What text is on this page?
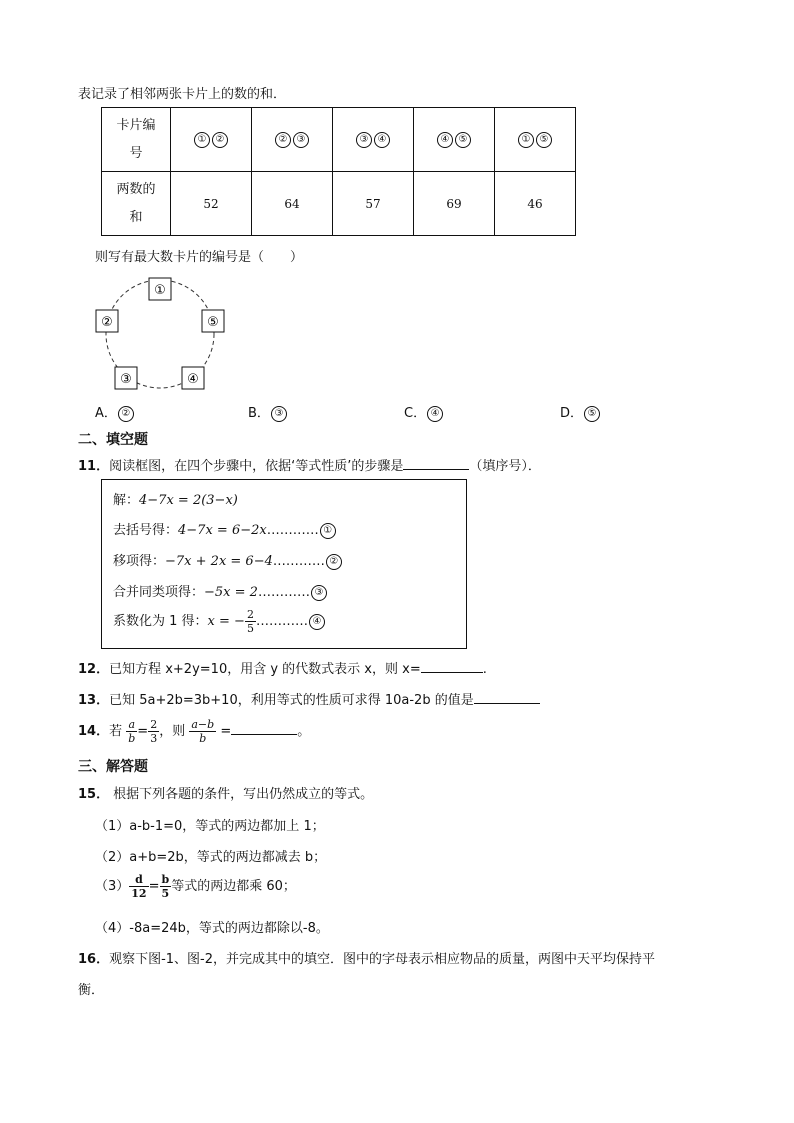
表记录了相邻两张卡片上的数的和．
卡片编
号	① ②	② ③	③ ④	④ ⑤	① ⑤

两数的
和	52	64	57	69	46
则写有最大数卡片的编号是（　　）
①
②	⑤
③	④
A． ②	B． ③	C． ④	D． ⑤
二、填空题
11．阅读框图，在四个步骤中，依据‘等式性质’的步骤是	（填序号）．
解：4−7x = 2(3−x)
去括号得：4−7x = 6−2x………… ①
移项得：−7x + 2x = 6−4………… ②
合并同类项得：−5x = 2………… ③
系数化为 1 得：x = − $\frac{2}{5}$ ………… ④
12．已知方程 x+2y=10，用含 y 的代数式表示 x，则 x=	.
13．已知 5a+2b=3b+10，利用等式的性质可求得 10a-2b 的值是
14．若 $\frac{a}{b} = \frac{2}{3}$ ，则 $\frac{a-b}{b}$ =	。
三、解答题
15． 根据下列各题的条件，写出仍然成立的等式。
（1）a-b-1=0，等式的两边都加上 1；
（2）a+b=2b，等式的两边都减去 b；
$(3) \frac{d}{12} = \frac{b}{5}$ 等式的两边都乘 60；
（4）-8a=24b，等式的两边都除以-8。
16．观察下图-1、图-2，并完成其中的填空．图中的字母表示相应物品的质量，两图中天平均保持平
衡．
